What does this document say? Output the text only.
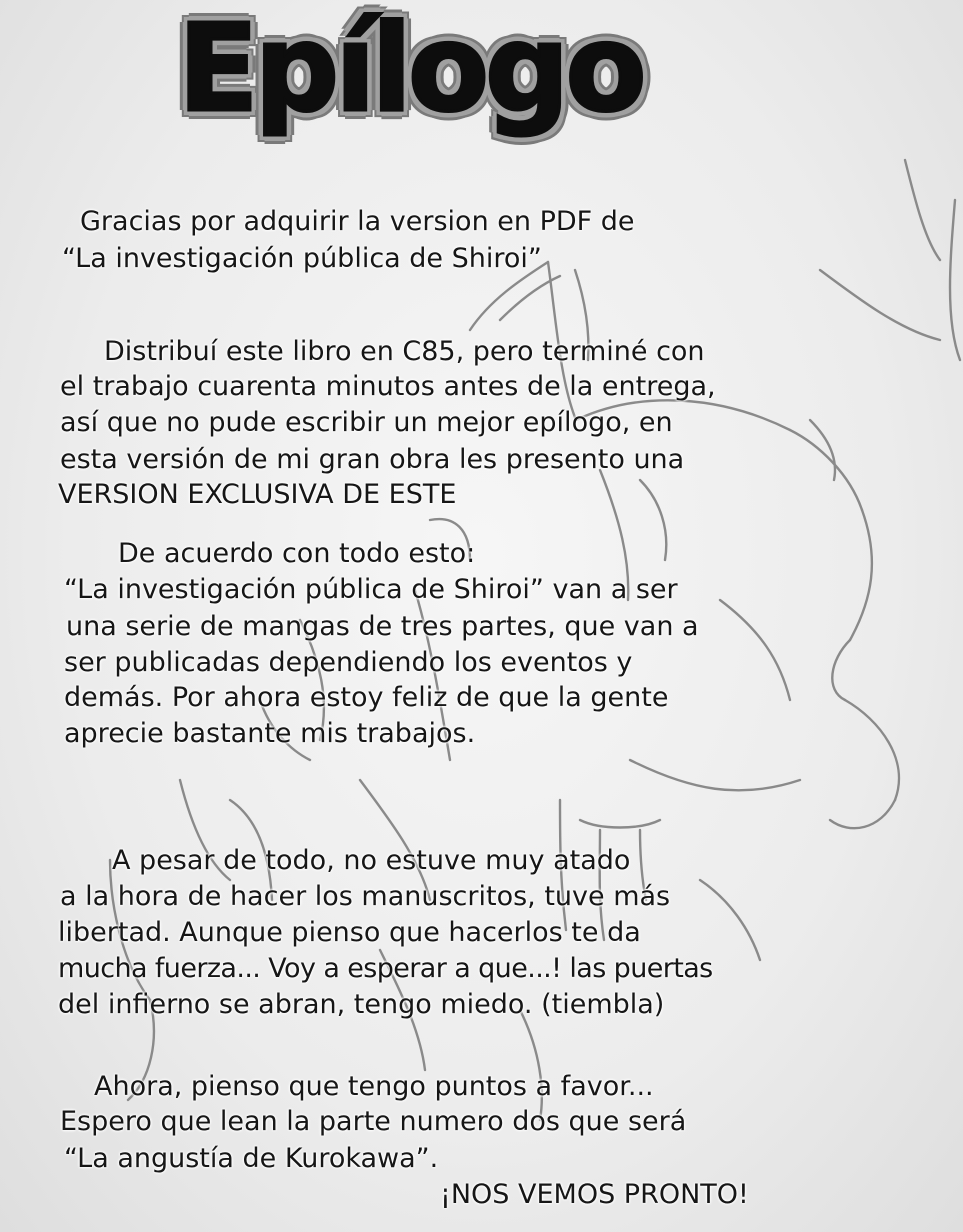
Epílogo
Gracias por adquirir la version en PDF de
“La investigación pública de Shiroi”
Distribuí este libro en C85, pero terminé con
el trabajo cuarenta minutos antes de la entrega,
así que no pude escribir un mejor epílogo, en
esta versión de mi gran obra les presento una
VERSION EXCLUSIVA DE ESTE
De acuerdo con todo esto:
“La investigación pública de Shiroi” van a ser
una serie de mangas de tres partes, que van a
ser publicadas dependiendo los eventos y
demás. Por ahora estoy feliz de que la gente
aprecie bastante mis trabajos.
A pesar de todo, no estuve muy atado
a la hora de hacer los manuscritos, tuve más
libertad. Aunque pienso que hacerlos te da
mucha fuerza... Voy a esperar a que...! las puertas
del infierno se abran, tengo miedo. (tiembla)
Ahora, pienso que tengo puntos a favor...
Espero que lean la parte numero dos que será
“La angustía de Kurokawa”.
¡NOS VEMOS PRONTO!
